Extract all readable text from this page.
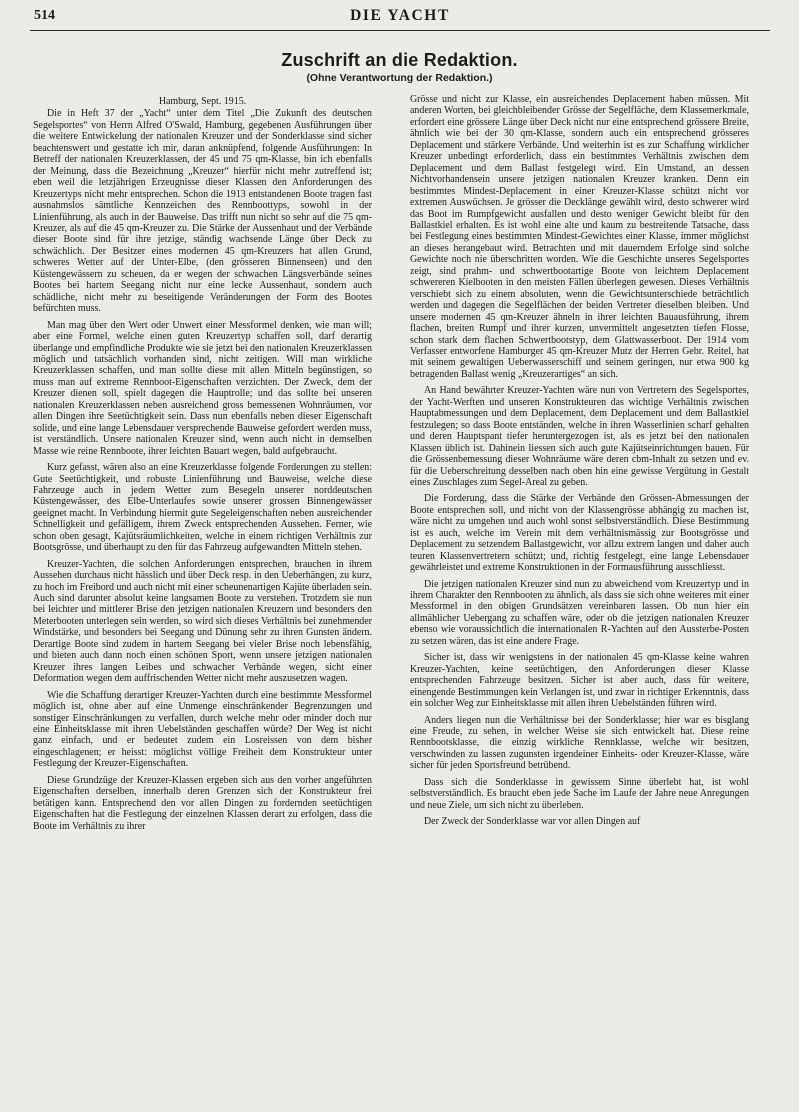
514	DIE YACHT
Zuschrift an die Redaktion.
(Ohne Verantwortung der Redaktion.)
Hamburg, Sept. 1915.

Die in Heft 37 der „Yacht“ unter dem Titel „Die Zukunft des deutschen Segelsportes“ von Herrn Alfred O'Swald, Hamburg, gegebenen Ausführungen über die weitere Entwickelung der nationalen Kreuzer und der Sonderklasse sind sicher beachtenswert und gestatte ich mir, daran anknüpfend, folgende Ausführungen: In Betreff der nationalen Kreuzerklassen, der 45 und 75 qm-Klasse, bin ich ebenfalls der Meinung, dass die Bezeichnung „Kreuzer“ hierfür nicht mehr zutreffend ist; eben weil die letzjährigen Erzeugnisse dieser Klassen den Anforderungen des Kreuzertyps nicht mehr entsprechen. Schon die 1913 entstandenen Boote tragen fast ausnahmslos sämtliche Kennzeichen des Rennboottyps, sowohl in der Linienführung, als auch in der Bauweise. Das trifft nun nicht so sehr auf die 75 qm-Kreuzer, als auf die 45 qm-Kreuzer zu. Die Stärke der Aussenhaut und der Verbände dieser Boote sind für ihre jetzige, ständig wachsende Länge über Deck zu schwächlich. Der Besitzer eines modernen 45 qm-Kreuzers hat allen Grund, schweres Wetter auf der Unter-Elbe, (den grösseren Binnenseen) und den Küstengewässern zu scheuen, da er wegen der schwachen Längsverbände seines Bootes bei hartem Seegang nicht nur eine leckе Aussenhaut, sondern auch schädliche, nicht mehr zu beseitigende Veränderungen der Form des Bootes befürchten muss.

Man mag über den Wert oder Unwert einer Messformel denken, wie man will; aber eine Formel, welche einen guten Kreuzertyp schaffen soll, darf derartig überlange und empfindliche Produkte wie sie jetzt bei den nationalen Kreuzerklassen möglich und tatsächlich vorhanden sind, nicht zeitigen. Will man wirkliche Kreuzerklassen schaffen, und man sollte diese mit allen Mitteln begünstigen, so muss man auf extreme Rennboot-Eigenschaften verzichten. Der Zweck, dem der Kreuzer dienen soll, spielt dagegen die Hauptrolle; und das sollte bei unseren nationalen Kreuzerklassen neben ausreichend gross bemessenen Wohnräumen, vor allen Dingen ihre Seetüchtigkeit sein. Dass nun ebenfalls neben dieser Eigenschaft solide, und eine lange Lebensdauer versprechende Bauweise gefordert werden muss, ist verständlich. Unsere nationalen Kreuzer sind, wenn auch nicht in demselben Masse wie reine Rennboote, ihrer leichten Bauart wegen, bald aufgebraucht.

Kurz gefasst, wären also an eine Kreuzerklasse folgende Forderungen zu stellen: Gute Seetüchtigkeit, und robuste Linienführung und Bauweise, welche diese Fahrzeuge auch in jedem Wetter zum Besegeln unserer norddeutschen Küstengewässer, des Elbe-Unterlaufes sowie unserer grossen Binnengewässer geeignet macht. In Verbindung hiermit gute Segeleigenschaften neben ausreichender Schnelligkeit und gefälligem, ihrem Zweck entsprechenden Aussehen. Ferner, wie schon oben gesagt, Kajütsräumlichkeiten, welche in einem richtigen Verhältnis zur Bootsgrösse, und überhaupt zu den für das Fahrzeug aufgewandten Mitteln stehen.

Kreuzer-Yachten, die solchen Anforderungen entsprechen, brauchen in ihrem Aussehen durchaus nicht hässlich und über Deck resp. in den Ueberhängen, zu kurz, zu hoch im Freibord und auch nicht mit einer scheunenartigen Kajüte überladen sein. Auch sind darunter absolut keine langsamen Boote zu verstehen. Trotzdem sie nun bei leichter und mittlerer Brise den jetzigen nationalen Kreuzern und besonders den Meterbooten unterlegen sein werden, so wird sich dieses Verhältnis bei zunehmender Windstärke, und besonders bei Seegang und Dünung sehr zu ihren Gunsten ändern. Derartige Boote sind zudem in hartem Seegang bei vieler Brise noch lebensfähig, und bieten auch dann noch einen schönen Sport, wenn unsere jetzigen nationalen Kreuzer ihres langen Leibes und schwacher Verbände wegen, sicht einer Deformation wegen dem auffrischenden Wetter nicht mehr auszusetzen wagen.

Wie die Schaffung derartiger Kreuzer-Yachten durch eine bestimmte Messformel möglich ist, ohne aber auf eine Unmenge einschränkender Begrenzungen und sonstiger Einschränkungen zu verfallen, durch welche mehr oder minder doch nur eine Einheitsklasse mit ihren Uebelständen geschaffen würde? Der Weg ist nicht ganz einfach, und er bedeutet zudem ein Losreissen von dem bisher eingeschlagenen; er heisst: möglichst völlige Freiheit dem Konstrukteur unter Festlegung der Kreuzer-Eigenschaften.

Diese Grundzüge der Kreuzer-Klassen ergeben sich aus den vorher angeführten Eigenschaften derselben, innerhalb deren Grenzen sich der Konstrukteur frei betätigen kann. Entsprechend den vor allen Dingen zu fordernden seetüchtigen Eigenschaften hat die Festlegung der einzelnen Klassen derart zu erfolgen, dass die Boote im Verhältnis zu ihrer

Grösse und nicht zur Klasse, ein ausreichendes Deplacement haben müssen. Mit anderen Worten, bei gleichbleibender Grösse der Segelfläche, dem Klassemerkmale, erfordert eine grössere Länge über Deck nicht nur eine entsprechend grössere Breite, ähnlich wie bei der 30 qm-Klasse, sondern auch ein entsprechend grösseres Deplacement und stärkere Verbände. Und weiterhin ist es zur Schaffung wirklicher Kreuzer unbedingt erforderlich, dass ein bestimmtes Verhältnis zwischen dem Deplacement und dem Ballast festgelegt wird. Ein Umstand, an dessen Nichtvorhandensein unsere jetzigen nationalen Kreuzer kranken. Denn ein bestimmtes Mindest-Deplacement in einer Kreuzer-Klasse schützt nicht vor extremen Auswüchsen. Je grösser die Decklänge gewählt wird, desto schwerer wird das Boot im Rumpfgewicht ausfallen und desto weniger Gewicht bleibt für den Ballastkiel erhalten. Es ist wohl eine alte und kaum zu bestreitende Tatsache, dass bei Festlegung eines bestimmten Mindest-Gewichtes einer Klasse, immer möglichst an dieses herangebaut wird. Betrachten und mit dauerndem Erfolge sind solche Gewichte noch nie überschritten worden. Wie die Geschichte unseres Segelsportes zeigt, sind prahm- und schwertbootartige Boote von leichtem Deplacement schwereren Kielbooten in den meisten Fällen überlegen gewesen. Dieses Verhältnis verschiebt sich zu einem absoluten, wenn die Gewichtsunterschiede beträchtlich werden und dagegen die Segelflächen der beiden Vertreter dieselben bleiben. Und unsere modernen 45 qm-Kreuzer ähneln in ihrer leichten Bauausführung, ihrem flachen, breiten Rumpf und ihrer kurzen, unvermittelt angesetzten tiefen Flosse, schon stark dem flachen Schwertbootstyp, dem Glattwasserboot. Der 1914 vom Verfasser entworfene Hamburger 45 qm-Kreuzer Mutz der Herren Gebr. Reitel, hat mit seinem gewaltigen Ueberwasserschiff und seinem geringen, nur etwa 900 kg betragenden Ballast wenig „Kreuzerartiges“ an sich.

An Hand bewährter Kreuzer-Yachten wäre nun von Vertretern des Segelsportes, der Yacht-Werften und unseren Konstrukteuren das wichtige Verhältnis zwischen Hauptabmessungen und dem Deplacement, dem Deplacement und dem Ballastkiel festzulegen; so dass Boote entständen, welche in ihren Wasserlinien scharf gehalten und deren Hauptspant tiefer heruntergezogen ist, als es jetzt bei den nationalen Klassen üblich ist. Dahinein liessen sich auch gute Kajütseinrichtungen bauen. Für die Grössenbemessung dieser Wohnräume wäre deren cbm-Inhalt zu setzen und ev. für die Ueberschreitung desselben nach oben hin eine gewisse Vergütung in Gestalt eines Zuschlages zum Segel-Areal zu geben.

Die Forderung, dass die Stärke der Verbände den Grössen-Abmessungen der Boote entsprechen soll, und nicht von der Klassengrösse abhängig zu machen ist, wäre nicht zu umgehen und auch wohl sonst selbstverständlich. Diese Bestimmung ist es auch, welche im Verein mit dem verhältnismässig zur Bootsgrösse und Deplacement zu setzendem Ballastgewicht, vor allzu extrem langen und daher auch teuren Klassenvertretern schützt; und, richtig festgelegt, eine lange Lebensdauer gewährleistet und extreme Konstruktionen in der Formausführung ausschliesst.

Die jetzigen nationalen Kreuzer sind nun zu abweichend vom Kreuzertyp und in ihrem Charakter den Rennbooten zu ähnlich, als dass sie sich ohne weiteres mit einer Messformel in den obigen Grundsätzen vereinbaren lassen. Ob nun hier ein allmählicher Uebergang zu schaffen wäre, oder ob die jetzigen nationalen Kreuzer ebenso wie voraussichtlich die internationalen R-Yachten auf den Aussterbe-Posten zu setzen wären, das ist eine andere Frage.

Sicher ist, dass wir wenigstens in der nationalen 45 qm-Klasse keine wahren Kreuzer-Yachten, keine seetüchtigen, den Anforderungen dieser Klasse entsprechenden Fahrzeuge besitzen. Sicher ist aber auch, dass für weitere, einengende Bestimmungen kein Verlangen ist, und zwar in richtiger Erkenntnis, dass ein solcher Weg zur Einheitsklasse mit allen ihren Uebelständen führen wird.

Anders liegen nun die Verhältnisse bei der Sonderklasse; hier war es bisglang eine Freude, zu sehen, in welcher Weise sie sich entwickelt hat. Diese reine Rennbootsklasse, die einzig wirkliche Rennklasse, welche wir besitzen, verschwinden zu lassen zugunsten irgendeiner Einheits- oder Kreuzer-Klasse, wäre sicher für jeden Sportsfreund betrübend.

Dass sich die Sonderklasse in gewissem Sinne überlebt hat, ist wohl selbstverständlich. Es braucht eben jede Sache im Laufe der Jahre neue Anregungen und neue Ziele, um sich nicht zu überleben.

Der Zweck der Sonderklasse war vor allen Dingen auf
